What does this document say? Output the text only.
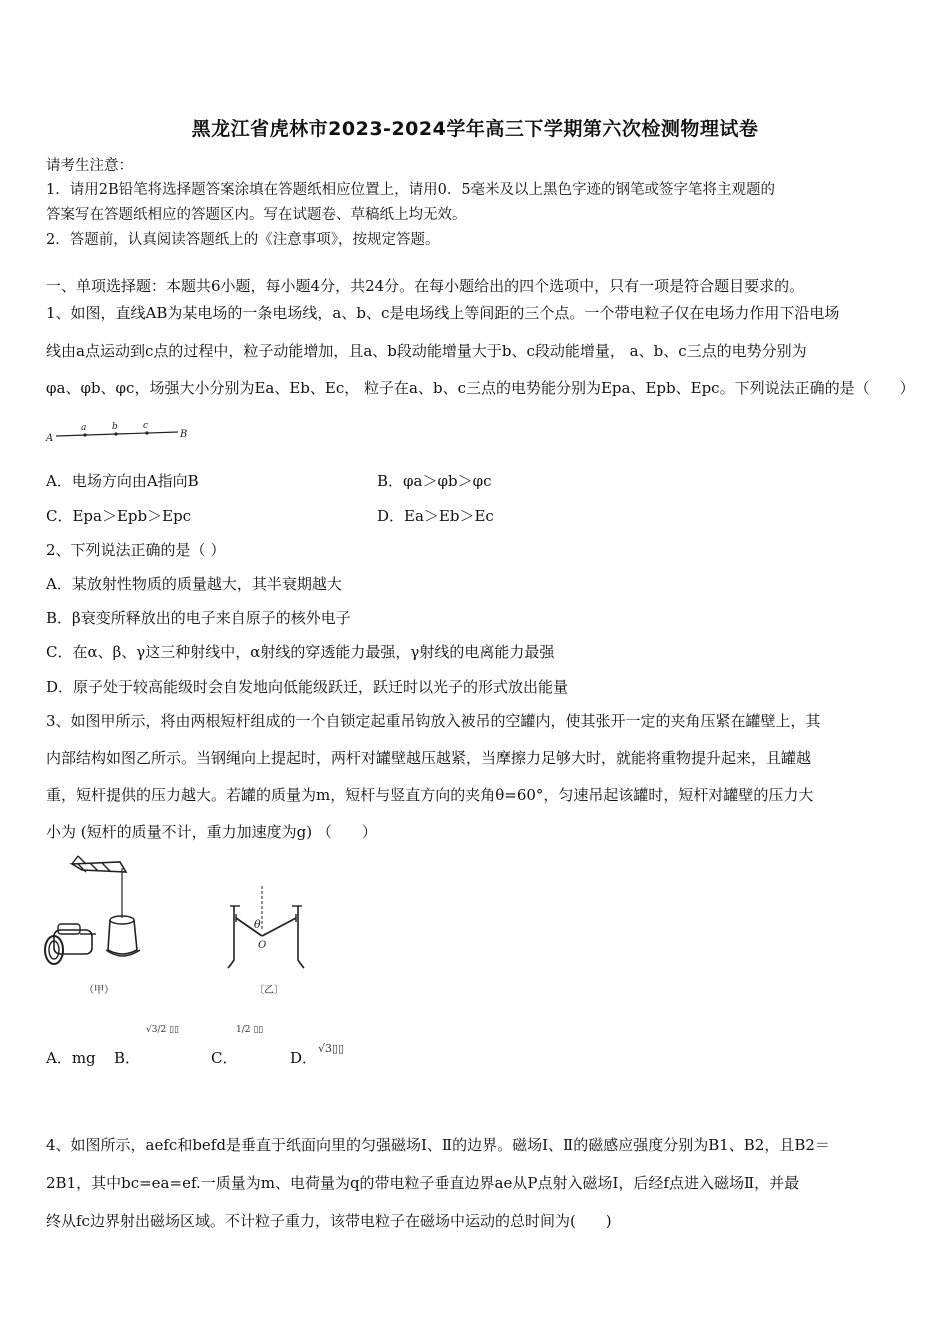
黑龙江省虎林市2023-2024学年高三下学期第六次检测物理试卷
请考生注意：
1．请用2B铅笔将选择题答案涂填在答题纸相应位置上，请用0．5毫米及以上黑色字迹的钢笔或签字笔将主观题的
答案写在答题纸相应的答题区内。写在试题卷、草稿纸上均无效。
2．答题前，认真阅读答题纸上的《注意事项》，按规定答题。
一、单项选择题：本题共6小题，每小题4分，共24分。在每小题给出的四个选项中，只有一项是符合题目要求的。
1、如图，直线AB为某电场的一条电场线，a、b、c是电场线上等间距的三个点。一个带电粒子仅在电场力作用下沿电场
线由a点运动到c点的过程中，粒子动能增加，且a、b段动能增量大于b、c段动能增量， a、b、c三点的电势分别为
φa、φb、φc，场强大小分别为Ea、Eb、Ec， 粒子在a、b、c三点的电势能分别为Epa、Epb、Epc。下列说法正确的是（　　）
A
a	b	c
B
A．电场方向由A指向B	B．φa＞φb＞φc
C．Epa＞Epb＞Epc	D．Ea＞Eb＞Ec
2、下列说法正确的是（ ）
A．某放射性物质的质量越大，其半衰期越大
B．β衰变所释放出的电子来自原子的核外电子
C．在α、β、γ这三种射线中，α射线的穿透能力最强，γ射线的电离能力最强
D．原子处于较高能级时会自发地向低能级跃迁，跃迁时以光子的形式放出能量
3、如图甲所示，将由两根短杆组成的一个自锁定起重吊钩放入被吊的空罐内，使其张开一定的夹角压紧在罐壁上，其
内部结构如图乙所示。当钢绳向上提起时，两杆对罐壁越压越紧，当摩擦力足够大时，就能将重物提升起来，且罐越
重，短杆提供的压力越大。若罐的质量为m，短杆与竖直方向的夹角θ=60°，匀速吊起该罐时，短杆对罐壁的压力大
小为 (短杆的质量不计，重力加速度为g) （　　）
（甲）
θ
O
〔乙〕
A．mg B．
√3/2 ▯▯
C．
1/2 ▯▯
D．
√3▯▯
4、如图所示，aefc和befd是垂直于纸面向里的匀强磁场Ⅰ、Ⅱ的边界。磁场Ⅰ、Ⅱ的磁感应强度分别为B1、B2，且B2＝
2B1，其中bc=ea=ef.一质量为m、电荷量为q的带电粒子垂直边界ae从P点射入磁场Ⅰ，后经f点进入磁场Ⅱ，并最
终从fc边界射出磁场区域。不计粒子重力，该带电粒子在磁场中运动的总时间为(　　)
